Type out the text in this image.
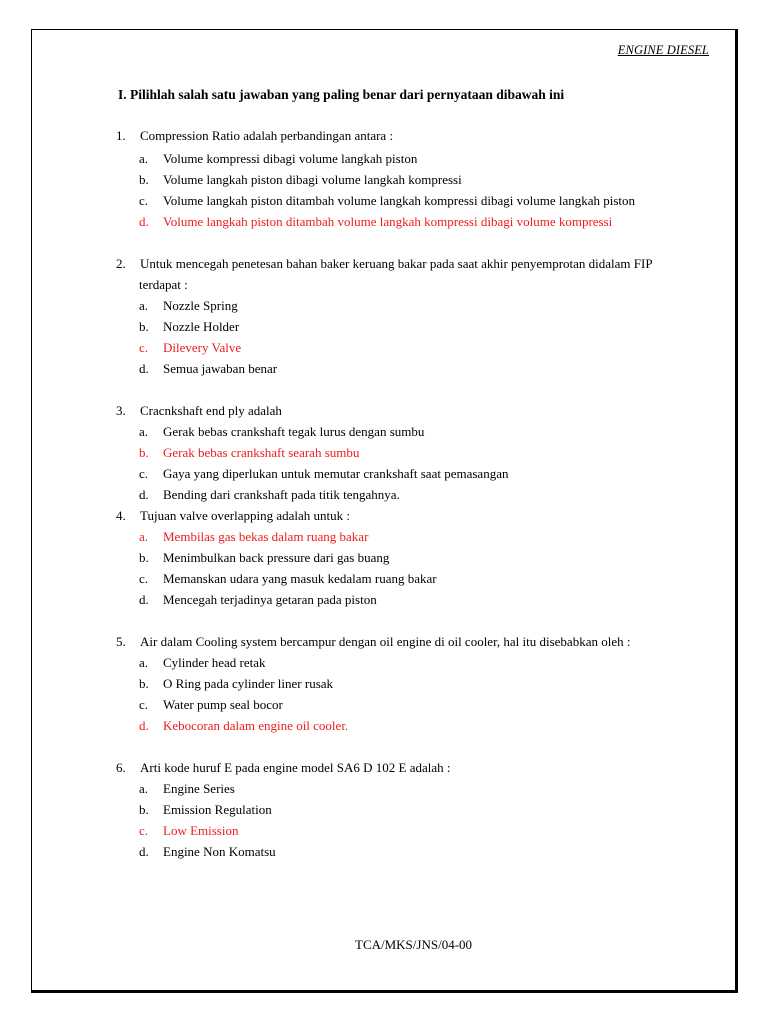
ENGINE DIESEL
I. Pilihlah salah satu jawaban yang paling benar dari pernyataan dibawah ini
1. Compression Ratio adalah perbandingan antara :
a. Volume kompressi dibagi volume langkah piston
b. Volume langkah piston dibagi volume langkah kompressi
c. Volume langkah piston ditambah volume langkah kompressi dibagi volume langkah piston
d. Volume langkah piston ditambah volume langkah kompressi dibagi volume kompressi
2. Untuk mencegah penetesan bahan baker keruang bakar pada saat akhir penyemprotan didalam FIP
terdapat :
a. Nozzle Spring
b. Nozzle Holder
c. Dilevery Valve
d. Semua jawaban benar
3. Cracnkshaft end ply adalah
a. Gerak bebas crankshaft tegak lurus dengan sumbu
b. Gerak bebas crankshaft searah sumbu
c. Gaya yang diperlukan untuk memutar crankshaft saat pemasangan
d. Bending dari crankshaft pada titik tengahnya.
4. Tujuan valve overlapping adalah untuk :
a. Membilas gas bekas dalam ruang bakar
b. Menimbulkan back pressure dari gas buang
c. Memanskan udara yang masuk kedalam ruang bakar
d. Mencegah terjadinya getaran pada piston
5. Air dalam Cooling system bercampur dengan oil engine di oil cooler, hal itu disebabkan oleh :
a. Cylinder head retak
b. O Ring pada cylinder liner rusak
c. Water pump seal bocor
d. Kebocoran dalam engine oil cooler.
6. Arti kode huruf E pada engine model SA6 D 102 E adalah :
a. Engine Series
b. Emission Regulation
c. Low Emission
d. Engine Non Komatsu
TCA/MKS/JNS/04-00
